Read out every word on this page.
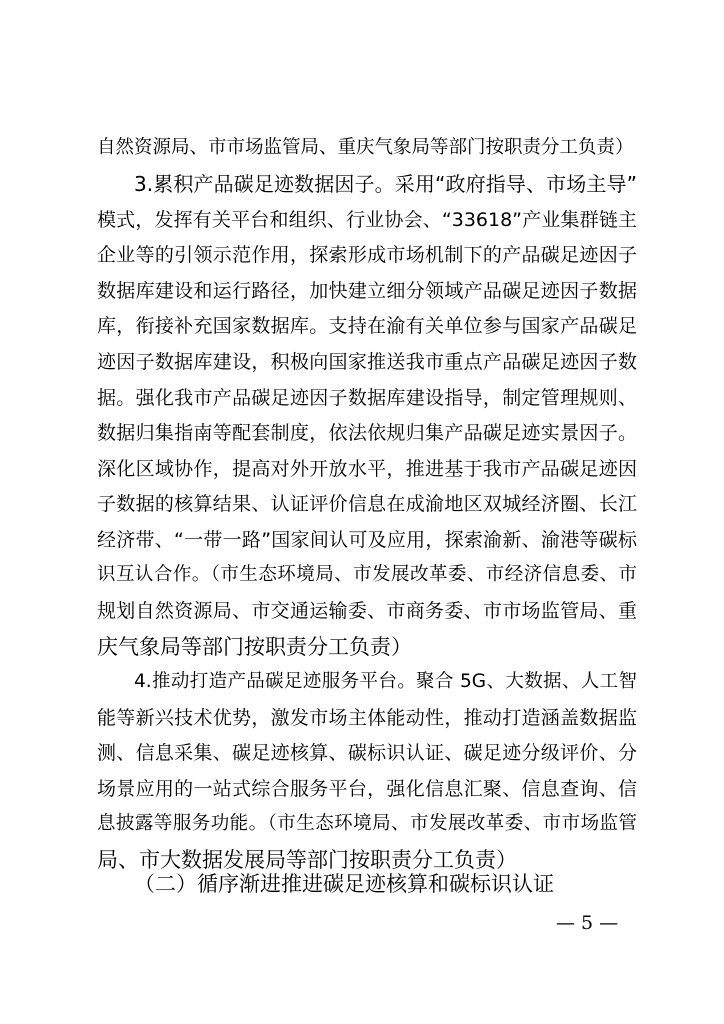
自然资源局、市市场监管局、重庆气象局等部门按职责分工负责）
3.累积产品碳足迹数据因子。采用“政府指导、市场主导”
模式，发挥有关平台和组织、行业协会、“33618”产业集群链主
企业等的引领示范作用，探索形成市场机制下的产品碳足迹因子
数据库建设和运行路径，加快建立细分领域产品碳足迹因子数据
库，衔接补充国家数据库。支持在渝有关单位参与国家产品碳足
迹因子数据库建设，积极向国家推送我市重点产品碳足迹因子数
据。强化我市产品碳足迹因子数据库建设指导，制定管理规则、
数据归集指南等配套制度，依法依规归集产品碳足迹实景因子。
深化区域协作，提高对外开放水平，推进基于我市产品碳足迹因
子数据的核算结果、认证评价信息在成渝地区双城经济圈、长江
经济带、“一带一路”国家间认可及应用，探索渝新、渝港等碳标
识互认合作。（市生态环境局、市发展改革委、市经济信息委、市
规划自然资源局、市交通运输委、市商务委、市市场监管局、重
庆气象局等部门按职责分工负责）
4.推动打造产品碳足迹服务平台。聚合 5G、大数据、人工智
能等新兴技术优势，激发市场主体能动性，推动打造涵盖数据监
测、信息采集、碳足迹核算、碳标识认证、碳足迹分级评价、分
场景应用的一站式综合服务平台，强化信息汇聚、信息查询、信
息披露等服务功能。（市生态环境局、市发展改革委、市市场监管
局、市大数据发展局等部门按职责分工负责）
（二）循序渐进推进碳足迹核算和碳标识认证
— 5 —
